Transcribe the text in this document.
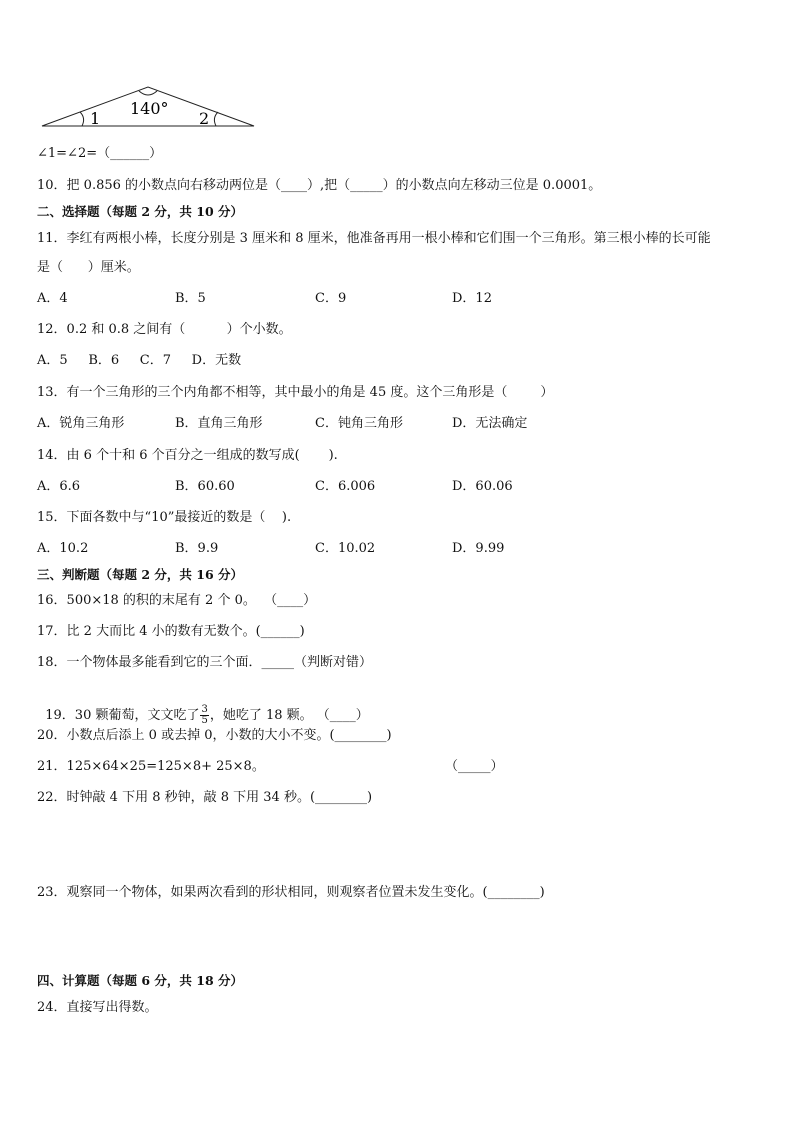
140°
1	2
∠1=∠2=（______）
10．把 0.856 的小数点向右移动两位是（____）,把（_____）的小数点向左移动三位是 0.0001。
二、选择题（每题 2 分，共 10 分）
11．李红有两根小棒，长度分别是 3 厘米和 8 厘米，他准备再用一根小棒和它们围一个三角形。第三根小棒的长可能
是（      ）厘米。
A．4	B．5	C．9	D．12
12．0.2 和 0.8 之间有（          ）个小数。
A．5     B．6     C．7     D．无数
13．有一个三角形的三个内角都不相等，其中最小的角是 45 度。这个三角形是（        ）
A．锐角三角形	B．直角三角形	C．钝角三角形	D．无法确定
14．由 6 个十和 6 个百分之一组成的数写成(       ).
A．6.6	B．60.60	C．6.006	D．60.06
15．下面各数中与“10”最接近的数是（    ).
A．10.2	B．9.9	C．10.02	D．9.99
三、判断题（每题 2 分，共 16 分）
16．500×18 的积的末尾有 2 个 0。  （____）
17．比 2 大而比 4 小的数有无数个。(______)
18．一个物体最多能看到它的三个面．_____（判断对错）

19．30 颗葡萄，文文吃了 $\frac{3}{5}$ ，她吃了 18 颗。 （____）

20．小数点后添上 0 或去掉 0，小数的大小不变。(________)
21．125×64×25=125×8+ 25×8。	（_____）
22．时钟敲 4 下用 8 秒钟，敲 8 下用 34 秒。(________)
23．观察同一个物体，如果两次看到的形状相同，则观察者位置未发生变化。(________)
四、计算题（每题 6 分，共 18 分）
24．直接写出得数。
